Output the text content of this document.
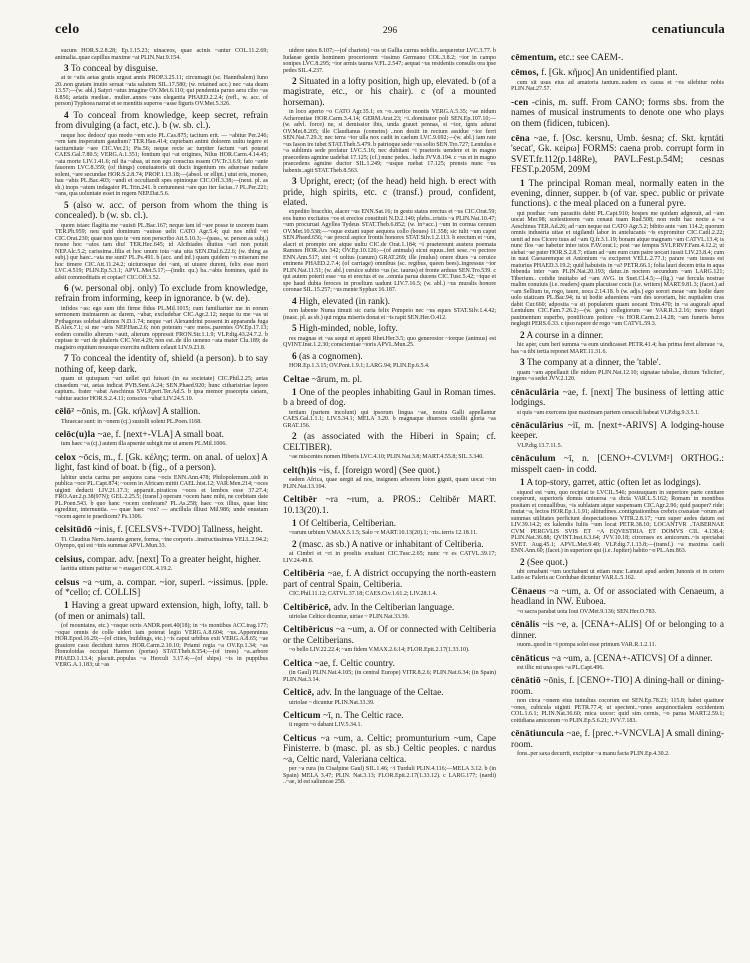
celo	296	cenatiuncula

sucum HOR.S.2.8.28; Ep.1.15.23; uinaceos, quae acinis ~antur COL.11.2.69; animalia..quae capillus maxime ~at PLIN.Nat.9.154.

3 To conceal by disguise.

at te ~atis aetas gratis urgeat annis PROP.3.25.11; circumagit (sc. Hannibalem) Iuno 20..non gratam inuito seruat ~ata salutem SIL.17.580; (w. retained acc.) nec ~ata deam 13.57;—(w. abl.) Satyri ~atus imagine OV.Met.6.110; qui pendentia paruo aera cibo ~as 8.856; aetatis mediae.. mulier..annos ~ans elegantia PHAED.2.2.4; (refl., w. acc. of person) Typhoea narrat et se mentitis superos ~asse figuris OV.Met.5.326.

4 To conceal from knowledge, keep secret, refrain from divulging (a fact, etc.). b (w. sb. cl.).

neque hoc dedocu' quo modo ~em scio PL.Cas.875; tacitum erit. — ~abitur Per.246; ~em tam insperatum gaudium? TER.Hau.414; cupiebam animi dolorem uultu tegere et taciturnitate ~are CIC.Ver.21; Pis.56; neque recte ac turpiter factum ~ari poterat CAES.Gal.7.80.5; VERG.A.1.351; fontium qui ~at origines, Nilus HOR.Carm.4.14.45; ~ata morte LIV.1.41.6; nil ita ~abas, ut non ego conscius essem OV.Tr.3.6.9; fato ~ante fauorem LVC.8.359; (of things) conuiuatoris uti ducis ingenium res aduersae nudare solent, ~are secundae HOR.S.2.8.74; PROP.1.13.18;—(absol. or ellipt.) utut eris, moneo, hau ~abis PL.Bac.403; ~andi et occultandi spes opinioque CIC.Off.3.38;—(neut. pl. as sb.) inops ~atum indagator PL.Trin.241. b certumnest ~are quo iter facias..? PL.Per.221; ~ans, qua uoluntate esset in regem NEP.Dat.5.6.

5 (also w. acc. of person from whom the thing is concealed). b (w. sb. cl.).

quom istaec flagitia me ~auisti PL.Bac.167; neque iam id ~are posse te uxorem tuam TER.Ph.959; neu quid dominum ~auisse uelit CATO Agr.5.4; qui nos nihil ~et CIC.Orat.230; quae non quo te ~em non perscribo Att.5.10.3;—(pass., w. person as subj.) nosne hoc ~atos tam diu! TER.Hec.645; id Alcibiades diutius ~ari non potuit NEP.Alc.5.2; carissima..filia et hoc unum tota ~ata uita SEN.Dial.6.22.6; (w. thing as subj.) qur haec..~ata me sunt? PL.Ps.491. b (acc. and inf.) quam quidem ~o miseram me hoc timere CIC.Att.11.24.2; uicturosque dei ~ant, ut uiuere durent, felix esse mori LVC.4.519; PLIN.Ep.5.3.1; APVL.Met.5.17;—(indir. qu.) ba..~abis homines, quid iis adsit commoditatis et copiae? CIC.Off.3.52.

6 (w. personal obj. only) To exclude from knowledge, refrain from informing, keep in ignorance. b (w. de).

infidos ~as: ego sum tibi firme fidus PL.Mil.1015; cum familiariter me in eorum sermonem insinuarem ac darem, ~abar, excludebar CIC.Agr.2.12; neque tu me ~as ut Pythagoras solebat alienos N.D.1.74; neque ~ari Alexandrini possent in apparanda fuga B.Alex.7.1; si me ~aris NEP.Han.2.6; non poteram ~are meos..parentes OV.Ep.17.13; eodem consilio alterum ~auit, alterum oppressit FRON.Str.1.1.9; VLP.dig.43.24.7.2. b cupisse te ~ari de phaleris CIC.Ver.4.29; non est..de illo ueneno ~ata mater Clu.189; de magistro equitum nouoque exercitu militem celauit LIV.9.23.8.

7 To conceal the identity of, shield (a person). b to say nothing of, keep dark.

quam ut quisquam ~ari uellet qui fuisset (in ea societate) CIC.Phil.2.25; aetas cinaedum ~at, aetas indicat PVB.Sent.A.24; SEN.Phaed.920; hunc citharistriae lepore captum.. frater ~abat Aeschinus SVLP.peri.Ter.Ad.5. b ipsa memor praecepta canam, ~abitur auctor HOR.S.2.4.11; conscios ~abat LIV.24.5.10.

cēlō² ~ōnis, m. [Gk. κήλων] A stallion.

Thraecae sunt: in ~onem (cj.) sustolli solent PL.Poen.1168.

celōc(u)la ~ae, f. [next+-VLA] A small boat.

tum haec ~a (cj.) autem illa apsente subigit me ut amem PL.Mil.1006.

celox ~ōcis, m., f. [Gk. κέλης; term. on anal. of uelox] A light, fast kind of boat. b (fig., of a person).

labitur uncta carina per aequora cana ~ocis ENN.Ann.478; Philopolemum..uidi in publica ~oce PL.Capt.874; ~ocem in Africam mittit CAEL.hist.12; VAR.Men.214; ~oces uiginti deducti LIV.21.17.3; apparuit..piraticos ~oces et lembos esse 37.27.4; FRO.Aur.2.p.38(97N); GEL.2.25.5; (transf.) operam ~ocem hanc mihi, ne corbitam date PL.Poen.543. b quo hanc ~ocem conferam? PL.As.258; haec ~ox illius, quae hinc egreditur, internuntia. — quae haec ~ox? — ancillula illiust Mil.986; unde onustam ~ocem agere te praedicem? Ps.1306.

celsitūdō ~inis, f. [CELSVS+-TVDO] Tallness, height.

Ti. Claudius Nero..iuuenis genere, forma, ~ine corporis ..instructissimus VELL.2.94.2; Olympo, qui est ~inis summae APVL.Mun.33.

celsius, compar. adv. [next] To a greater height, higher.

laetitia uitium patitur se ~ euagari COL.4.19.2.

celsus ~a ~um, a. compar. ~ior, superl. ~issimus. [pple. of *cello; cf. COLLIS]

1 Having a great upward extension, high, lofty, tall. b (of men or animals) tall.

(of mountains, etc.) ~osque ocris ANDR.poet.40(18); in ~is montibus ACC.trag.177; ~oque omnis de colle uideri iam poterat legio VERG.A.8.604; ~us..Appenninus HOR.Epod.16.29;—(of cities, buildings, etc.) ~is caput urbibus exit VERG.A.8.65; ~ae grauiore casu decidunt turres HOR.Carm.2.10.10; Priami regia ~a OV.Ep.1.34; ~as Homoloidas occupat Haemon (portas) STAT.Theb.8.354;—(of trees) ~a..arbore PHAED.1.13.4; placuit..populus ~a Herculi 3.17.4;—(of ships) ~is in puppibus VERG.A.1.183; ut ~as

uidere rates 8.107;—(of chariots) ~os ut Gallia currus nobilis..sequeretur LVC.3.77. b Iudaeae gentis hominem proceriorem ~issimo Germano COL.3.8.2; ~ior in campo sonipes LVC.8.295; ~ior armis taurus V.FL.2.547; aequat ~us residentis consulis ora ipse pedes SIL.4.237.

2 Situated in a lofty position, high up, elevated. b (of a magistrate, etc., or his chair). c (of a mounted horseman).

in loco aperto ~o CATO Agr.35.1; ex ~o..uertice montis VERG.A.5.35; ~ae nidum Acherontiae HOR.Carm.3.4.14; GERM.Arat.23; ~i..dominator poli SEN.Ep.107.10;—(w. advl. force) ne, si demissior ibis, unda grauet pennas, si ~ior, ignis adurat OV.Met.8.205; ille Claudianus (cometes) ..non desiit in rectum assidue ~ior ferri SEN.Nat.7.29.3; nec terra ~ior ulla nox cadit in caelum LVC.9.692;—(w. abl.) iam rate ~us Iason ire iubet STAT.Theb.5.479. b patrioque sede ~us solio SEN.Tro.727; Lentulus e ~a sublimis sede profatur LVC.5.16; nec dubitant ~i praetoris uendere et in magno praecedens agmine uadebat 17.125; (cf.) nunc pedes.. ludis JVV.8.194. c ~us et in magno praecedens agmine ductor SIL.1.249; ~usque ruebat 17.125; prensis nunc ~us habenis..agit STAT.Theb.8.563.

3 Upright, erect; (of the head) held high. b erect with pride, high spirits, etc. c (transf.) proud, confident, elated.

expedito bracchio, alacer ~us ENN.Sat.16; in gestu status erectus et ~us CIC.Orat.59; eos humo excitatos ~os et erectos constituit N.D.2.140; plebs..cristis ~a PLIN.Nat.10.47; ~um procuruat Agyllea Tydeus STAT.Theb.6.852; (w. in+acc.) ~um in cornua ceruum OV.Met.10.538;—~oque extant super aequora collo (boues) 11.358; sic tulit ~um caput SEN.Phaed.656; ~ae procul aspice frontis honores STAT.Silv.1.2.113. b erectum et ~um, alacri et prompto ore atque uultu CIC.de Orat.1.184; ~i praetereunt austera poemata Ramnes HOR.Ars 342; OV.Ep.10.126;—(of animals) sicut equus..fert sese..~o pectore ENN.Ann.517; sint ~i uoltus (canum) GRAT.269; ille (mulus) onere diues ~a ceruice eminens PHAED.2.7.4; (of carriage) omnibus (sc. regibus, queen bees)..ingressus ~ior PLIN.Nat.11.51; (w. abl.) ceruice subito ~us (sc. taurus) et fronte arduus SEN.Tro.539. c qui autem poterit esse ~us et erectus et ea ..omnia parua ducens CIC.Tusc.5.42; ~ique et spe haud dubia feroces in proelium uadunt LIV.7.16.5; (w. abl.) ~us muralis honore coronae SIL.15.257; ~us mente Syphax 16.187.

4 High, elevated (in rank).

non labente Numa timuit sic curia felix Pompeio nec ~us eques STAT.Silv.1.4.42; (masc. pl. as sb.) qui regna miseris donat et ~is rapit SEN.Her.O.412.

5 High-minded, noble, lofty.

res magnas et ~as sequi et appeti Rhet.Her.3.5; quo generosior ~iorque (animus) est QVINT.Inst.1.2.30; conscientiae ~ioris APVL.Mun.25.

6 (as a cognomen).

HOR.Ep.1.3.15; OV.Pont.1.9.1; LARG.94; PLIN.Ep.6.5.4.

Celtae ~ārum, m. pl.

1 One of the peoples inhabiting Gaul in Roman times. b a breed of dog.

tertiam (partem incolunt) qui ipsorum lingua ~ae, nostra Galli appellantur CAES.Gal.1.1.1; LIV.5.34.1; MELA 3.20. b magnaque diuersos extollit gloria ~as GRAT.156.

2 (as associated with the Hiberi in Spain; cf. CELTIBER).

~ae miscentes nomen Hiberis LVC.4.10; PLIN.Nat.3.8; MART.4.55.8; SIL.3.340.

celt(h)is ~is, f. [foreign word] (See quot.)

eadem Africa, quae uergit ad nos, insignem arborem loton gignit, quam uocat ~im PLIN.Nat.13.104.

Celtibēr ~ra ~rum, a. PROS.: Celtibĕr MART. 10.13(20).1.

1 Of Celtiberia, Celtiberian.

~rarum urbium V.MAX.5.1.5; Salo ~r MART.10.13(20).1; ~ris..terris 12.18.11.

2 (masc. as sb.) A native or inhabitant of Celtiberia.

at Cimbri et ~ri in proeliis exultant CIC.Tusc.2.65; nunc ~r es CATVL.39.17; LIV.24.49.8.

Celtibēria ~ae, f. A district occupying the north-eastern part of central Spain, Celtiberia.

CIC.Phil.11.12; CATVL.37.18; CAES.Civ.1.61.2; LIV.28.1.4.

Celtibēricē, adv. In the Celtiberian language.

uiriolae Celtice dicuntur, uiriae ~ PLIN.Nat.33.39.

Celtibēricus ~a ~um, a. Of or connected with Celtiberia or the Celtiberians.

~o bello LIV.22.22.4; ~am fidem V.MAX.2.6.14; FLOR.Epit.2.17(1.33.10).

Celtica ~ae, f. Celtic country.

(in Gaul) PLIN.Nat.4.105; (in central Europe) VITR.8.2.6; PLIN.Nat.6.34; (in Spain) PLIN.Nat.3.14.

Celticē, adv. In the language of the Celtae.

uiriolae ~ dicuntur PLIN.Nat.33.39.

Celticum ~ī, n. The Celtic race.

ii regem ~o dabant LIV.5.34.1.

Celticus ~a ~um, a. Celtic; promunturium ~um, Cape Finisterre. b (masc. pl. as sb.) Celtic peoples. c nardus ~a, Celtic nard, Valeriana celtica.

per ~a rura (in Cisalpine Gaul) SIL.1.46; ~i Turduli PLIN.4.116;—MELA 3.12. b (in Spain) MELA 3.47; PLIN. Nat.3.13; FLOR.Epit.2.17(1.33.12). c LARG.177; (nardi) ..~ae, id est saliuncae 258.

cēmentum, etc.: see CAEM-.

cēmos, f. [Gk. κῆμος] An unidentified plant.

cum sit usus eius ad amatoria tantum..eadem ex causa et ~os silebitur nobis PLIN.Nat.27.57.

-cen -cinis, m. suff. From CANO; forms sbs. from the names of musical instruments to denote one who plays on them (fidicen, tubicen).

cēna ~ae, f. [Osc. kersnu, Umb. śesna; cf. Skt. kṛntáti 'secat', Gk. κείρω] FORMS: caena prob. corrupt form in SVET.fr.112(p.148Re), PAVL.Fest.p.54M; cesnas FEST.p.205M, 209M

1 The principal Roman meal, normally eaten in the evening, dinner, supper. b (of var. spec. public or private functions). c the meal placed on a funeral pyre.

qui posthac ~am parasitis dabit PL.Capt.910; hospes me quidam adgnouit, ad ~am uocat Mer.98; scelestiorem ~am cenaui tuam Rud.508; non redit hac nocte a ~a Aeschinus TER.Ad.26; ad ~am neque eat CATO Agr.5.2; bibito ante ~am 114.2; quorum omnis industria uitae et uigilandi labor in antelucanis ~is expromitur CIC.Catil.2.22; uenit ad nos Cicero tuus ad ~am Q.fr.3.1.19; bonam atque magnam ~am CATVL.13.4; is nunc flos ~ae habetur inter istos FAV.orat.1; post ~ae tempus SVLP.RVF.Fam.4.12.2; ut siebat ~ae pater HOR.S.2.8.7; etiam ad ~am eum cum patre uocari iussit LIV.23.8.4; cum in naui Caesaremque et Antonium ~a exciperet VELL.2.77.1; parare ~am iussus est maturius PHAED.3.19.2; quid habuistis in ~a? PETR.66.1; folia lauri decem trita in aqua bibenda inter ~am PLIN.Nat.20.193; datur..in noctem secundum ~am LARG.121; Tiberium.. cotidie inuitabo ad ~am AVG. in Suet.Cl.4.5;—(fig.) ~ae fercula nostrae malim conuiuis (i.e. readers) quam placuisse cocis (i.e. writers) MART.9.81.3; (facet.) ad ~am Sellium tu, rogo, taure, uoca 2.14.18. b (w. adjs.) ego sorori meae ~am hodie dare uolo uiaticam PL.Bac.94; tu ut hodie adueniens ~am des sororiam, hic nuptialem cras dabit Cur.660; adposita ~a sit popularem quam uocant Trin.470; in ~a augurali apud Lentulum CIC.Fam.7.26.2;—(w. gen.) collegiorum ~ae VAR.R.3.2.16; mero tinget pauimentum superbo, pontificum potiore ~is HOR.Carm.2.14.28; ~am funeris heres neglegit PERS.6.33. c ipso rapere de rogo ~am CATVL.59.3.

2 A course in a dinner.

hic aper, cum heri summa ~a eum uindicasset PETR.41.4; has prima feret alteraue ~a, has ~a tibi tertia reponet MART.11.31.6.

3 The company at a dinner, the 'table'.

quam ~am appellauit ille nidum PLIN.Nat.12.10; signatae tabulae, dictum 'feliciter', ingens ~a sedet JVV.2.120.

cēnāculāria ~ae, f. [next] The business of letting attic lodgings.

si quis ~am exercens ipse maximam partem cenaculi habeat VLP.dig.9.3.5.1.

cēnāculārius ~iī, m. [next+-ARIVS] A lodging-house keeper.

VLP.dig.13.7.11.5.

cēnāculum ~ī, n. [CENO+-CVLVM²] ORTHOG.: misspelt caen- in codd.

1 A top-story, garret, attic (often let as lodgings).

siquod est ~um, quo recipiat te LVCIL.546; posteaquam in superiore parte cenitare coeperunt, superioris domus uniuersa ~a dicta VAR.L.5.162; Romam in montibus positam et conuallibus, ~is sublatam atque suspensam CIC.Agr.2.96; quid pauper? ride: mutat ~a, lectos HOR.Ep.1.1.91; altitudines..contignationibus crebris coaxatae ~orum ad summas utilitates perficiunt despectationes VITR.2.8.17; ~um super aedes datum est LIV.39.14.2; ex kalendis Iuliis ~um locat PETR.38.10; LOCANTVR ..TABERNAE CVM PERGVLIS SVIS ET ~A EQVESTRIA ET DOMVS CIL 4.138.4; PLIN.Nat.36.88; QVINT.Inst.6.3.64; JVV.10.18; circenses ex amicorum..~is spectabat SVET. Aug.45.1; APVL.Met.9.40; VLP.dig.7.1.13.8;—(transf.) ~a maxima caeli ENN.Ann.60; (facet.) in superiore qui (i.e. Jupiter) habito ~o PL.Am.863.

2 (See quot.)

ubi cenabant ~um uocitabant ut etiam nunc Lanuui apud aedem Iunonis et in cetero Latio ac Faleris ac Cordubae dicuntur VAR.L.5.162.

Cēnaeus ~a ~um, a. Of or associated with Cenaeum, a headland in NW. Euboea.

~o sacra parabat uota Ioui OV.Met.9.136; SEN.Her.O.783.

cēnālis ~is ~e, a. [CENA+-ALIS] Of or belonging to a dinner.

ouom..quod in ~i pompa solet esse primum VAR.R.1.2.11.

cēnāticus ~a ~um, a. [CENA+-ATICVS] Of a dinner.

est illic mi una spes ~a PL.Capt.496.

cēnātiō ~ōnis, f. [CENO+-TIO] A dining-hall or dining-room.

non circa ~onem eius tumultus cocorum est SEN.Ep.78.23; 115.8; habet quattuor ~ones, cubicula uiginti PETR.77.4; ut spectent..~ones aequinoctialem occidentem COL.1.6.1; PLIN.Nat.36.60; mica uocor: quid sim cernis, ~o parua MART.2.59.1; cottidiana amicorum ~o PLIN.Ep.5.6.21; JVV.7.183.

cēnātiuncula ~ae, f. [prec.+-VNCVLA] A small dining-room.

fons..per saxa decurrit, excipitur ~a manu facta PLIN.Ep.4.30.2.
